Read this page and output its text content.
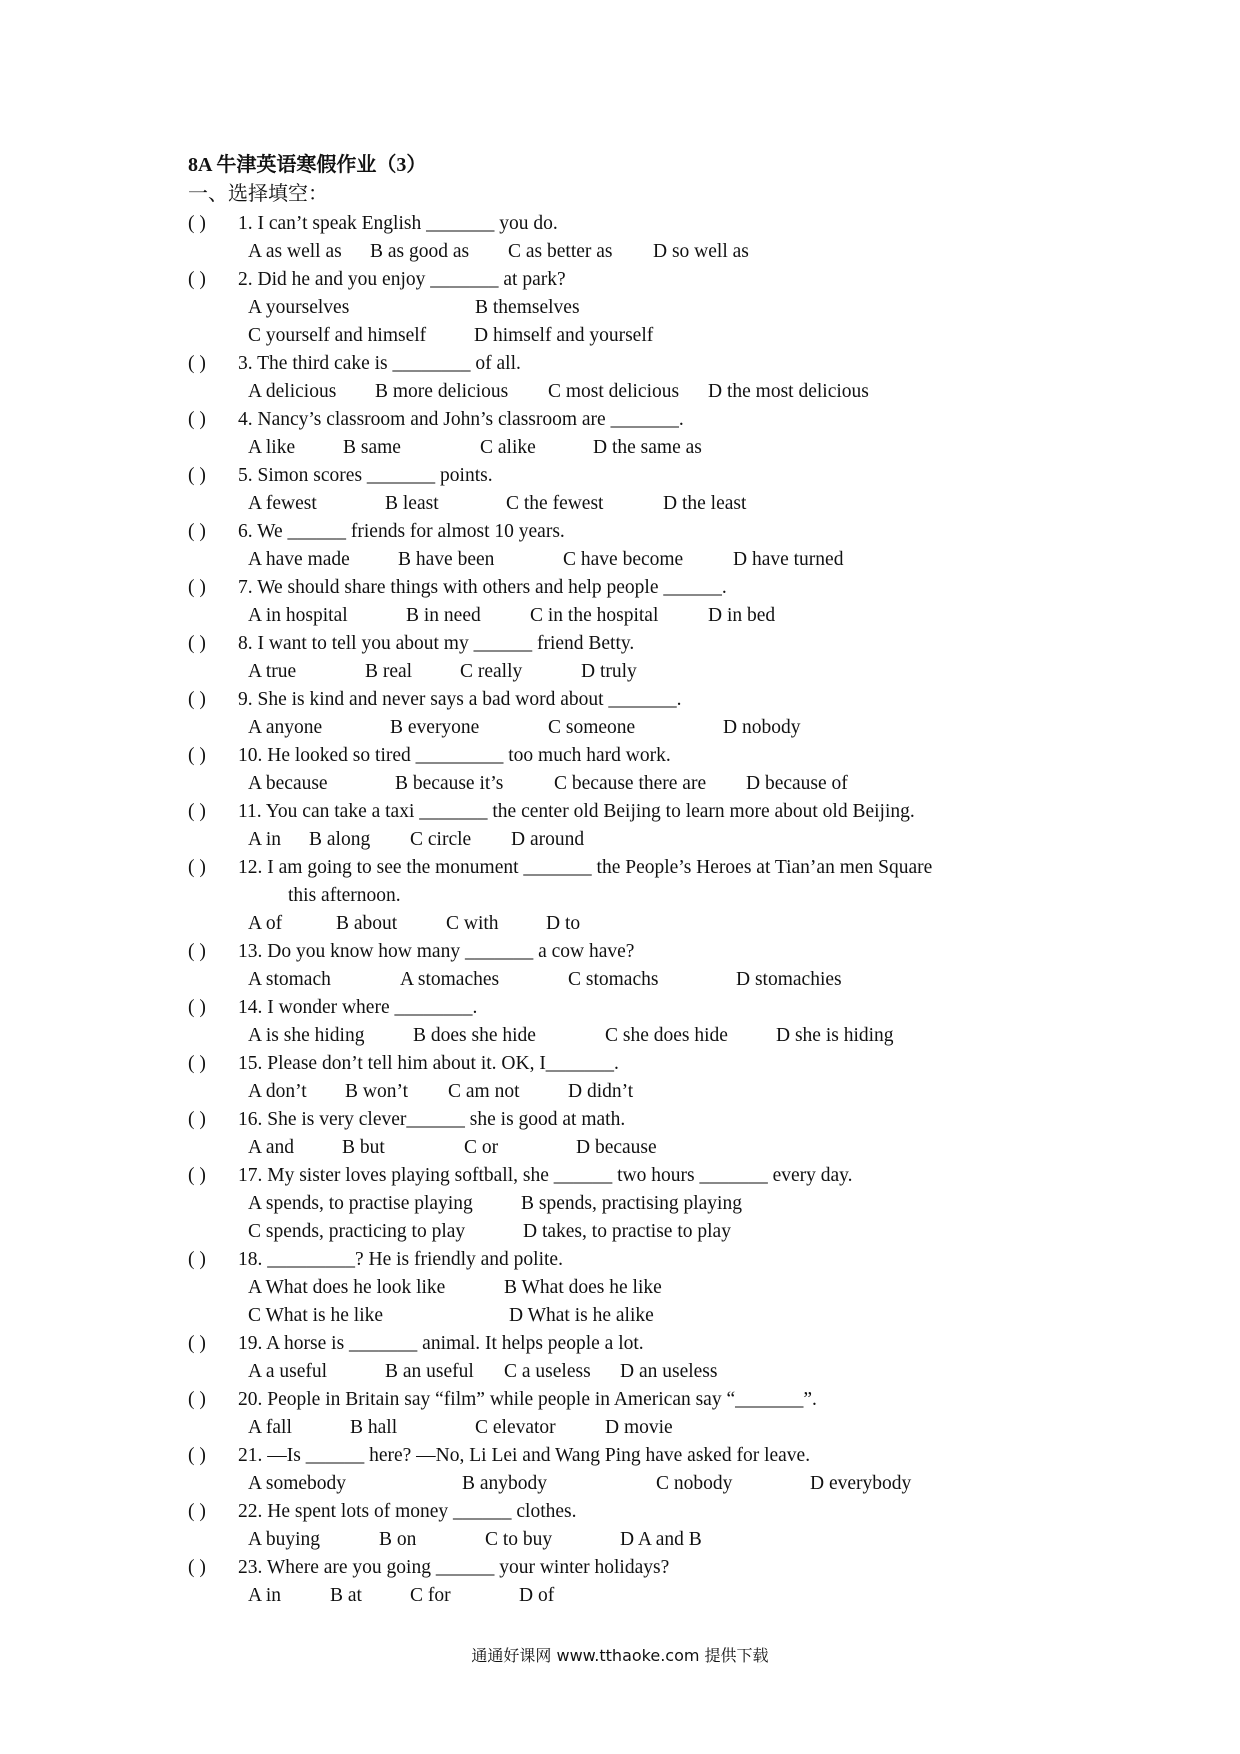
8A 牛津英语寒假作业（3）
一、选择填空：
( ) 1. I can’t speak English _______ you do.
A as well as B as good as C as better as D so well as
( ) 2. Did he and you enjoy _______ at park?
A yourselves	B themselves
C yourself and himself D himself and yourself
( ) 3. The third cake is ________ of all.
A delicious B more delicious C most delicious D the most delicious
( ) 4. Nancy’s classroom and John’s classroom are _______.
A like B same	C alike	D the same as
( ) 5. Simon scores _______ points.
A fewest	B least	C the fewest	D the least
( ) 6. We ______ friends for almost 10 years.
A have made B have been	C have become	D have turned
( ) 7. We should share things with others and help people ______.
A in hospital	B in need	C in the hospital	D in bed
( ) 8. I want to tell you about my ______ friend Betty.
A true	B real C really	D truly
( ) 9. She is kind and never says a bad word about _______.
A anyone	B everyone	C someone	D nobody
( ) 10. He looked so tired _________ too much hard work.
A because	B because it’s	C because there are D because of
( ) 11. You can take a taxi _______ the center old Beijing to learn more about old Beijing.
A in B along C circle D around
( ) 12. I am going to see the monument _______ the People’s Heroes at Tian’an men Square
this afternoon.
A of	B about	C with D to
( ) 13. Do you know how many _______ a cow have?
A stomach	A stomaches	C stomachs	D stomachies
( ) 14. I wonder where ________.
A is she hiding B does she hide	C she does hide D she is hiding
( ) 15. Please don’t tell him about it. OK, I_______.
A don’t B won’t C am not D didn’t
( ) 16. She is very clever______ she is good at math.
A and B but	C or	D because
( ) 17. My sister loves playing softball, she ______ two hours _______ every day.
A spends, to practise playing B spends, practising playing
C spends, practicing to play	D takes, to practise to play
( ) 18. _________? He is friendly and polite.
A What does he look like	B What does he like
C What is he like	D What is he alike
( ) 19. A horse is _______ animal. It helps people a lot.
A a useful	B an useful C a useless D an useless
( ) 20. People in Britain say “film” while people in American say “_______”.
A fall	B hall	C elevator	D movie
( ) 21. —Is ______ here? —No, Li Lei and Wang Ping have asked for leave.
A somebody	B anybody	C nobody	D everybody
( ) 22. He spent lots of money ______ clothes.
A buying	B on	C to buy	D A and B
( ) 23. Where are you going ______ your winter holidays?
A in	B at C for	D of
通通好课网 www.tthaoke.com 提供下载
